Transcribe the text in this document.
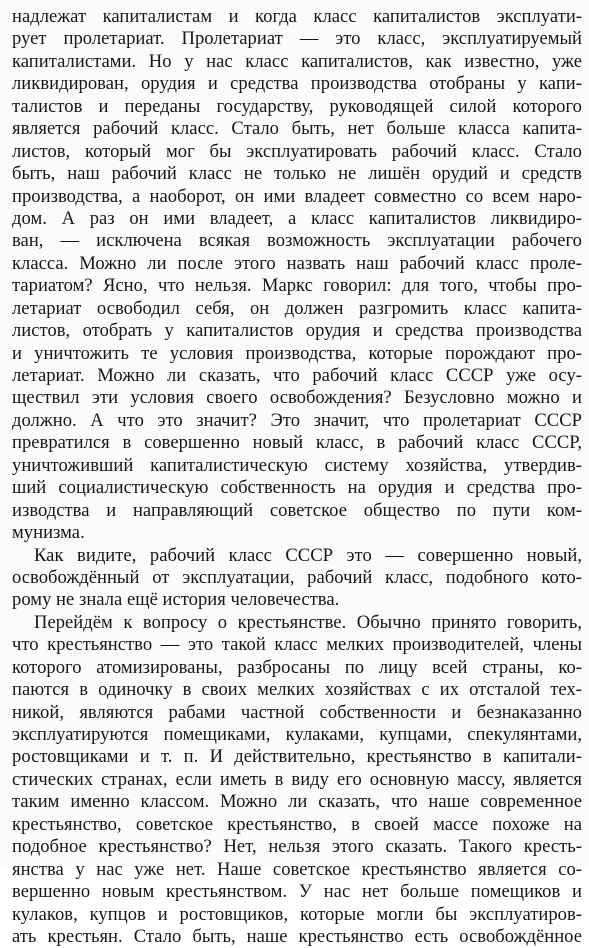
надлежат капиталистам и когда класс капиталистов эксплуати-
рует пролетариат. Пролетариат — это класс, эксплуатируемый
капиталистами. Но у нас класс капиталистов, как известно, уже
ликвидирован, орудия и средства производства отобраны у капи-
талистов и переданы государству, руководящей силой которого
является рабочий класс. Стало быть, нет больше класса капита-
листов, который мог бы эксплуатировать рабочий класс. Стало
быть, наш рабочий класс не только не лишён орудий и средств
производства, а наоборот, он ими владеет совместно со всем наро-
дом. А раз он ими владеет, а класс капиталистов ликвидиро-
ван, — исключена всякая возможность эксплуатации рабочего
класса. Можно ли после этого назвать наш рабочий класс проле-
тариатом? Ясно, что нельзя. Маркс говорил: для того, чтобы про-
летариат освободил себя, он должен разгромить класс капита-
листов, отобрать у капиталистов орудия и средства производства
и уничтожить те условия производства, которые порождают про-
летариат. Можно ли сказать, что рабочий класс СССР уже осу-
ществил эти условия своего освобождения? Безусловно можно и
должно. А что это значит? Это значит, что пролетариат СССР
превратился в совершенно новый класс, в рабочий класс СССР,
уничтоживший капиталистическую систему хозяйства, утвердив-
ший социалистическую собственность на орудия и средства про-
изводства и направляющий советское общество по пути ком-
мунизма.
Как видите, рабочий класс СССР это — совершенно новый,
освобождённый от эксплуатации, рабочий класс, подобного кото-
рому не знала ещё история человечества.
Перейдём к вопросу о крестьянстве. Обычно принято говорить,
что крестьянство — это такой класс мелких производителей, члены
которого атомизированы, разбросаны по лицу всей страны, ко-
паются в одиночку в своих мелких хозяйствах с их отсталой тех-
никой, являются рабами частной собственности и безнаказанно
эксплуатируются помещиками, кулаками, купцами, спекулянтами,
ростовщиками и т. п. И действительно, крестьянство в капитали-
стических странах, если иметь в виду его основную массу, является
таким именно классом. Можно ли сказать, что наше современное
крестьянство, советское крестьянство, в своей массе похоже на
подобное крестьянство? Нет, нельзя этого сказать. Такого кресть-
янства у нас уже нет. Наше советское крестьянство является со-
вершенно новым крестьянством. У нас нет больше помещиков и
кулаков, купцов и ростовщиков, которые могли бы эксплуатиров-
ать крестьян. Стало быть, наше крестьянство есть освобождённое
